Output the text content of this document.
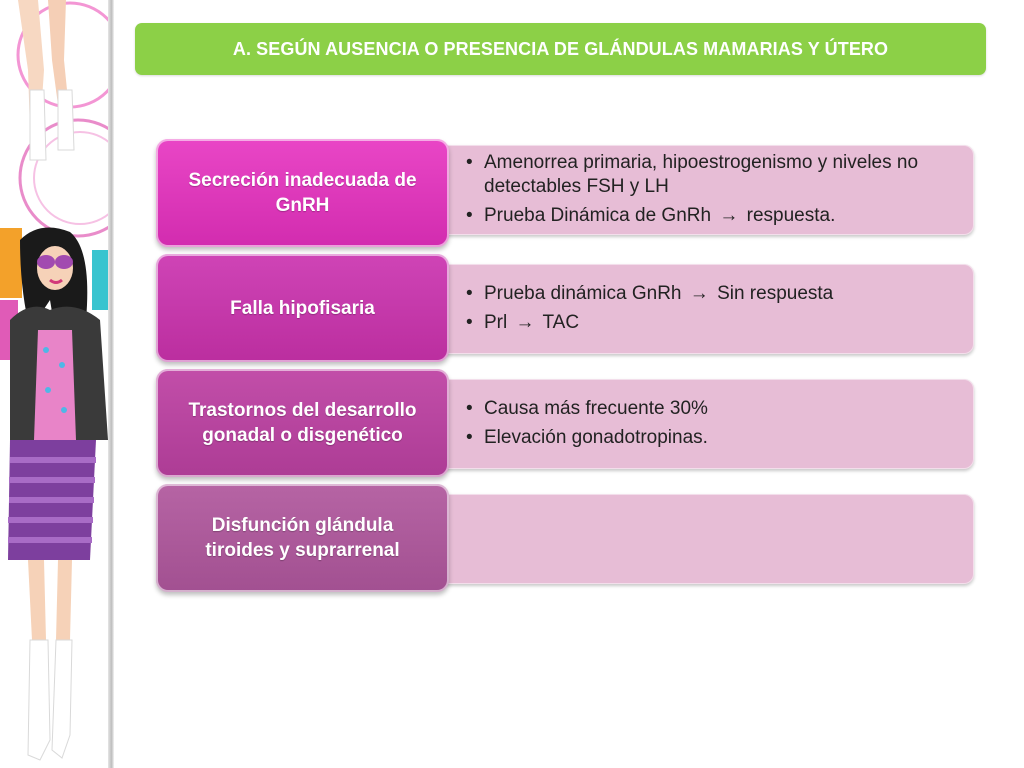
A. SEGÚN AUSENCIA O PRESENCIA DE GLÁNDULAS MAMARIAS Y ÚTERO
• Amenorrea primaria, hipoestrogenismo y niveles no detectables FSH y LH
• Prueba Dinámica de GnRh → respuesta.
Secreción inadecuada de GnRH
• Prueba dinámica GnRh → Sin respuesta
• Prl → TAC
Falla hipofisaria
• Causa más frecuente 30%
• Elevación gonadotropinas.
Trastornos del desarrollo gonadal o disgenético
Disfunción glándula tiroides y suprarrenal
